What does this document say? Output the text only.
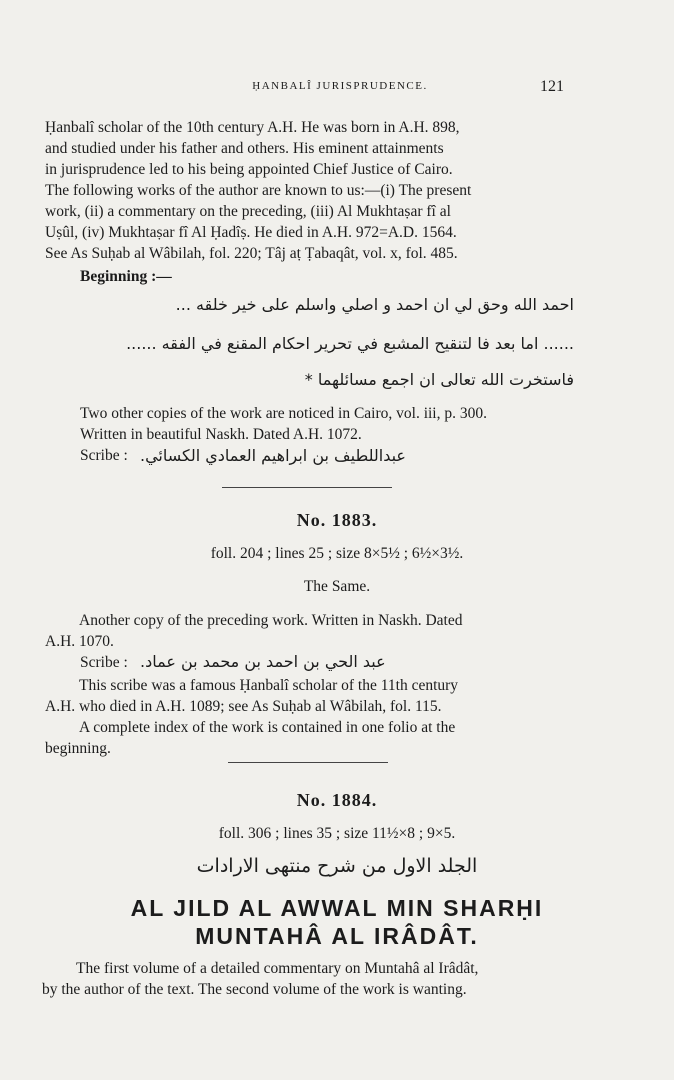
ḤANBALÎ JURISPRUDENCE.	121
Ḥanbalî scholar of the 10th century A.H. He was born in A.H. 898,
and studied under his father and others. His eminent attainments
in jurisprudence led to his being appointed Chief Justice of Cairo.
The following works of the author are known to us:—(i) The present
work, (ii) a commentary on the preceding, (iii) Al Mukhtaṣar fî al
Uṣûl, (iv) Mukhtaṣar fî Al Ḥadîṣ. He died in A.H. 972=A.D. 1564.
See As Suḥab al Wâbilah, fol. 220; Tâj aṭ Ṭabaqât, vol. x, fol. 485.
Beginning :—
احمد الله وحق لي ان احمد و اصلي واسلم على خير خلقه ...
...... اما بعد فا لتنقيح المشبع في تحرير احكام المقنع في الفقه ......
فاستخرت الله تعالى ان اجمع مسائلهما *
Two other copies of the work are noticed in Cairo, vol. iii, p. 300.
Written in beautiful Naskh. Dated A.H. 1072.
Scribe : عبداللطيف بن ابراهيم العمادي الكسائي.
No. 1883.
foll. 204 ; lines 25 ; size 8×5½ ; 6½×3½.
The Same.
Another copy of the preceding work. Written in Naskh. Dated
A.H. 1070.
Scribe : عبد الحي بن احمد بن محمد بن عماد.
This scribe was a famous Ḥanbalî scholar of the 11th century
A.H. who died in A.H. 1089; see As Suḥab al Wâbilah, fol. 115.
A complete index of the work is contained in one folio at the
beginning.
No. 1884.
foll. 306 ; lines 35 ; size 11½×8 ; 9×5.
الجلد الاول من شرح منتهى الارادات
AL JILD AL AWWAL MIN SHARḤI
MUNTAHÂ AL IRÂDÂT.
The first volume of a detailed commentary on Muntahâ al Irâdât,
by the author of the text. The second volume of the work is wanting.
